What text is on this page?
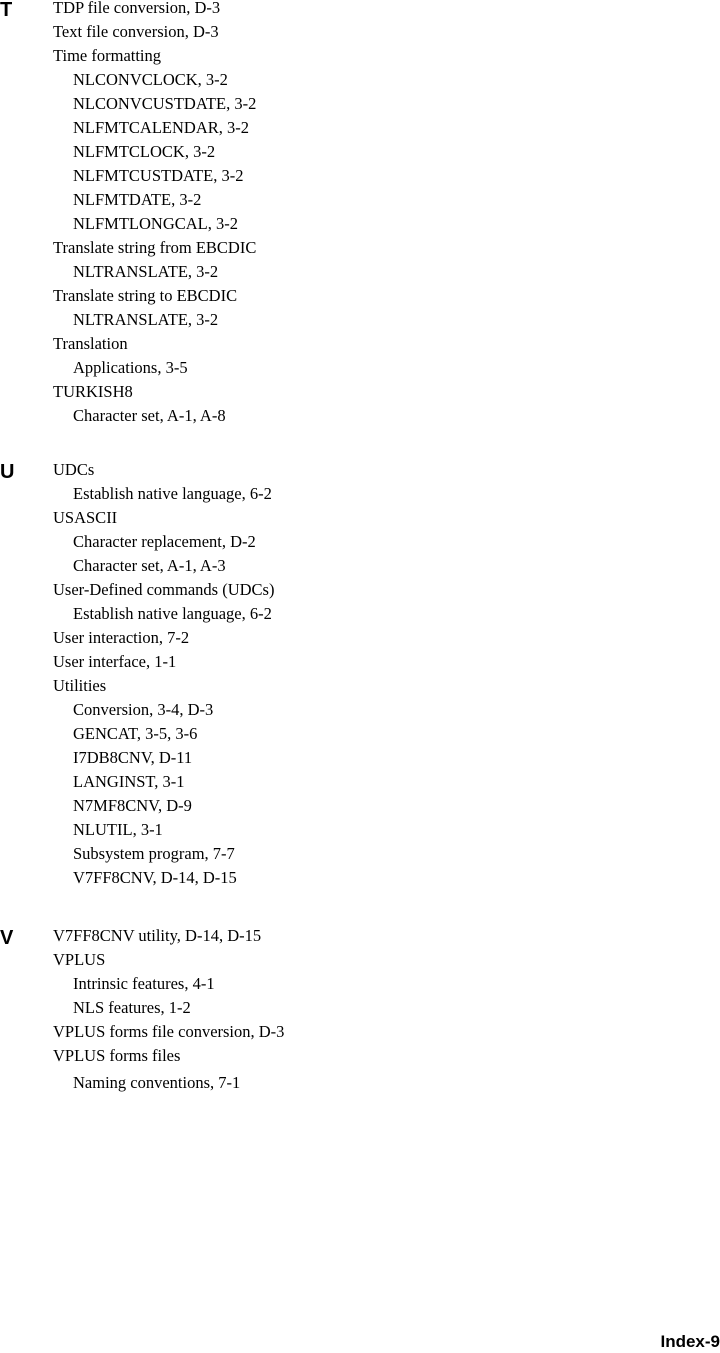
T TDP file conversion, D-3
Text file conversion, D-3
Time formatting
NLCONVCLOCK, 3-2
NLCONVCUSTDATE, 3-2
NLFMTCALENDAR, 3-2
NLFMTCLOCK, 3-2
NLFMTCUSTDATE, 3-2
NLFMTDATE, 3-2
NLFMTLONGCAL, 3-2
Translate string from EBCDIC
NLTRANSLATE, 3-2
Translate string to EBCDIC
NLTRANSLATE, 3-2
Translation
Applications, 3-5
TURKISH8
Character set, A-1, A-8
U UDCs
Establish native language, 6-2
USASCII
Character replacement, D-2
Character set, A-1, A-3
User-Defined commands (UDCs)
Establish native language, 6-2
User interaction, 7-2
User interface, 1-1
Utilities
Conversion, 3-4, D-3
GENCAT, 3-5, 3-6
I7DB8CNV, D-11
LANGINST, 3-1
N7MF8CNV, D-9
NLUTIL, 3-1
Subsystem program, 7-7
V7FF8CNV, D-14, D-15
V V7FF8CNV utility, D-14, D-15
VPLUS
Intrinsic features, 4-1
NLS features, 1-2
VPLUS forms file conversion, D-3
VPLUS forms files
Naming conventions, 7-1
Index-9
